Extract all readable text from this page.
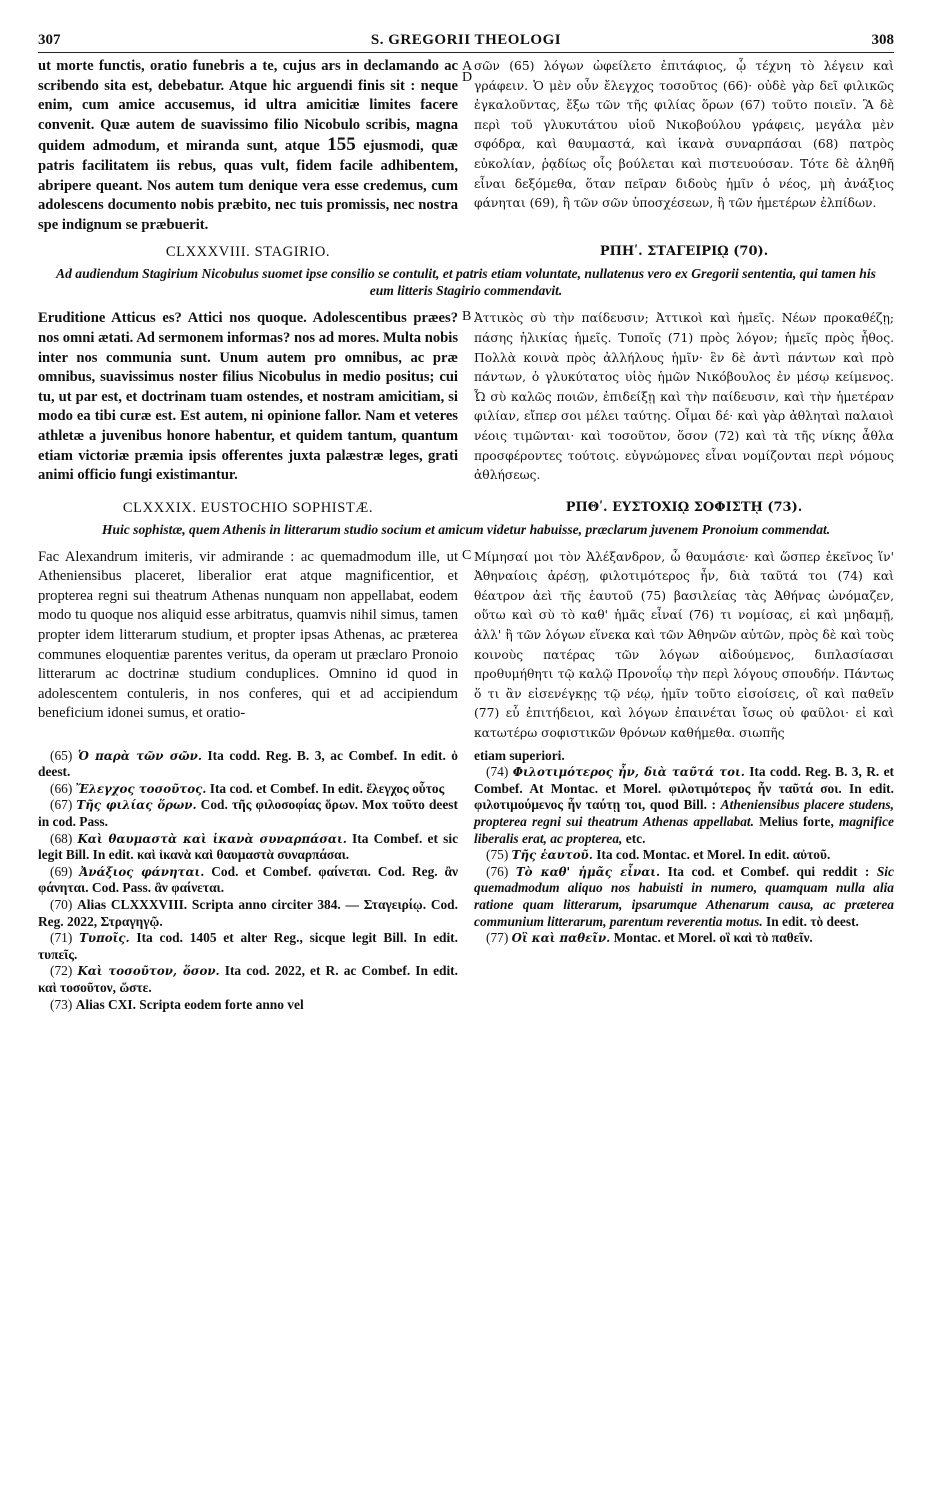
307	S. GREGORII THEOLOGI	308

ut morte functis, oratio funebris a te, cujus ars in declamando ac scribendo sita est, debebatur. Atque hic arguendi finis sit : neque enim, cum amice accusemus, id ultra amicitiæ limites facere convenit. Quæ autem de suavissimo filio Nicobulo scribis, magna quidem admodum, et miranda sunt, atque 155 ejusmodi, quæ patris facilitatem iis rebus, quas vult, fidem facile adhibentem, abripere queant. Nos autem tum denique vera esse credemus, cum adolescens documento nobis præbito, nec tuis promissis, nec nostra spe indignum se præbuerit.

A σῶν (65) λόγων ὠφείλετο ἐπιτάφιος, ᾧ τέχνη τὸ λέγειν καὶ γράφειν. Ὁ μὲν οὖν ἔλεγχος τοσοῦτος (66)· οὐδὲ γὰρ δεῖ φιλικῶς ἐγκαλοῦντας, ἔξω τῶν τῆς φιλίας ὅρων (67) τοῦτο ποιεῖν. Ἃ δὲ περὶ τοῦ γλυκυτάτου υἱοῦ Νικοβούλου γράφεις, μεγάλα μὲν σφόδρα, καὶ θαυμαστά, καὶ ἱκανὰ συναρπάσαι (68) πατρὸς εὐκολίαν, ῥᾳδίως οἷς βούλεται καὶ πιστευούσαν. Τότε δὲ ἀληθῆ εἶναι δεξόμεθα, ὅταν πεῖραν διδοὺς ἡμῖν ὁ νέος, μὴ ἀνάξιος φάνηται (69), ἢ τῶν σῶν ὑποσχέσεων, ἢ τῶν ἡμετέρων ἐλπίδων.

CLXXXVIII. STAGIRIO.	ΡΠΗʹ. ΣΤΑΓΕΙΡΙῼ (70).
Ad audiendum Stagirium Nicobulus suomet ipse consilio se contulit, et patris etiam voluntate, nullatenus vero ex Gregorii sententia, qui tamen his eum litteris Stagirio commendavit.

Eruditione Atticus es? Attici nos quoque. Adolescentibus præes? nos omni ætati. Ad sermonem informas? nos ad mores. Multa nobis inter nos communia sunt. Unum autem pro omnibus, ac præ omnibus, suavissimus noster filius Nicobulus in medio positus; cui tu, ut par est, et doctrinam tuam ostendes, et nostram amicitiam, si modo ea tibi curæ est. Est autem, ni opinione fallor. Nam et veteres athletæ a juvenibus honore habentur, et quidem tantum, quantum etiam victoriæ præmia ipsis offerentes juxta palæstræ leges, grati animi officio fungi existimantur.

B Ἀττικὸς σὺ τὴν παίδευσιν; Ἀττικοὶ καὶ ἡμεῖς. Νέων προκαθέζῃ; πάσης ἡλικίας ἡμεῖς. Τυποῖς (71) πρὸς λόγον; ἡμεῖς πρὸς ἦθος. Πολλὰ κοινὰ πρὸς ἀλλήλους ἡμῖν· ἓν δὲ ἀντὶ πάντων καὶ πρὸ πάντων, ὁ γλυκύτατος υἱὸς ἡμῶν Νικόβουλος ἐν μέσῳ κείμενος. Ὦ σὺ καλῶς ποιῶν, ἐπιδείξῃ καὶ τὴν παίδευσιν, καὶ τὴν ἡμετέραν φιλίαν, εἴπερ σοι μέλει ταύτης. Οἶμαι δέ· καὶ γὰρ ἀθληταὶ παλαιοὶ νέοις τιμῶνται· καὶ τοσοῦτον, ὅσον (72) καὶ τὰ τῆς νίκης ἆθλα προσφέροντες τούτοις. εὐγνώμονες εἶναι νομίζονται περὶ νόμους ἀθλήσεως.

CLXXXIX. EUSTOCHIO SOPHISTÆ.	ΡΠΘʹ. ΕΥΣΤΟΧΙῼ ΣΟΦΙΣΤῌ (73).
Huic sophistæ, quem Athenis in litterarum studio socium et amicum videtur habuisse, præclarum juvenem Pronoium commendat.

Fac Alexandrum imiteris, vir admirande : ac quemadmodum ille, ut Atheniensibus placeret, liberalior erat atque magnificentior, et propterea regni sui theatrum Athenas nunquam non appellabat, eodem modo tu quoque nos aliquid esse arbitratus, quamvis nihil simus, tamen propter idem litterarum studium, et propter ipsas Athenas, ac præterea communes eloquentiæ parentes veritus, da operam ut præclaro Pronoio litterarum ac doctrinæ studium conduplices. Omnino id quod in adolescentem contuleris, in nos conferes, qui et ad accipiendum beneficium idonei sumus, et oratio-

C Μίμησαί μοι τὸν Ἀλέξανδρον, ὦ θαυμάσιε· καὶ ὥσπερ ἐκεῖνος ἵν' Ἀθηναίοις ἀρέσῃ, φιλοτιμότερος ἦν, διὰ ταῦτά τοι (74) καὶ θέατρον ἀεὶ τῆς ἑαυτοῦ (75) βασιλείας τὰς Ἀθήνας ὠνόμαζεν, οὕτω καὶ σὺ τὸ καθ' ἡμᾶς εἶναί (76) τι νομίσας, εἰ καὶ μηδαμῇ, ἀλλ' ἢ τῶν λόγων εἵνεκα καὶ τῶν Ἀθηνῶν αὐτῶν, πρὸς δὲ καὶ τοὺς κοινοὺς πατέρας τῶν λόγων αἰδούμενος, διπλασίασαι προθυμήθητι τῷ καλῷ Προνοΐῳ τὴν περὶ λόγους σπουδήν. Πάντως ὅ τι ἂν εἰσενέγκῃς τῷ νέῳ, ἡμῖν τοῦτο εἰσοίσεις, οἳ καὶ παθεῖν (77) εὖ ἐπιτήδειοι, καὶ λόγων ἐπαινέται ἴσως οὐ φαῦλοι· εἰ καὶ κατωτέρω σοφιστικῶν θρόνων καθήμεθα. σιωπῆς

(65) Ὁ παρὰ τῶν σῶν. Ita codd. Reg. B. 3, ac Combef. In edit. ὁ deest.

(66) Ἔλεγχος τοσοῦτος. Ita cod. et Combef. In edit. ἔλεγχος οὗτος

(67) Τῆς φιλίας ὅρων. Cod. τῆς φιλοσοφίας ὅρων. Mox τοῦτο deest in cod. Pass.

(68) Καὶ θαυμαστὰ καὶ ἱκανὰ συναρπάσαι. Ita Combef. et sic legit Bill. In edit. καὶ ἱκανὰ καὶ θαυμαστὰ συναρπάσαι.

(69) Ἀνάξιος φάνηται. Cod. et Combef. φαίνεται. Cod. Reg. ἂν φάνηται. Cod. Pass. ἂν φαίνεται.

(70) Alias CLXXXVIII. Scripta anno circiter 384. — Σταγειρίῳ. Cod. Reg. 2022, Στραγηγῷ.

(71) Τυποῖς. Ita cod. 1405 et alter Reg., sicque legit Bill. In edit. τυπεῖς.

(72) Καὶ τοσοῦτον, ὅσον. Ita cod. 2022, et R. ac Combef. In edit. καὶ τοσοῦτον, ὥστε.

(73) Alias CXI. Scripta eodem forte anno vel

etiam superiori.

(74) Φιλοτιμότερος ἦν, διὰ ταῦτά τοι. Ita codd. Reg. B. 3, R. et Combef. At Montac. et Morel. φιλοτιμότερος ἦν ταῦτά σοι. In edit. φιλοτιμούμενος ἦν ταύτῃ τοι, quod Bill. : Atheniensibus placere studens, propterea regni sui theatrum Athenas appellabat. Melius forte, magnifice liberalis erat, ac propterea, etc.

(75) Τῆς ἑαυτοῦ. Ita cod. Montac. et Morel. In edit. αὐτοῦ.

(76) Τὸ καθ' ἡμᾶς εἶναι. Ita cod. et Combef. qui reddit : Sic quemadmodum aliquo nos habuisti in numero, quamquam nulla alia ratione quam litterarum, ipsarumque Athenarum causa, ac præterea communium litterarum, parentum reverentia motus. In edit. τὸ deest.

(77) Οἳ καὶ παθεῖν. Montac. et Morel. οἳ καὶ τὸ παθεῖν.

D
